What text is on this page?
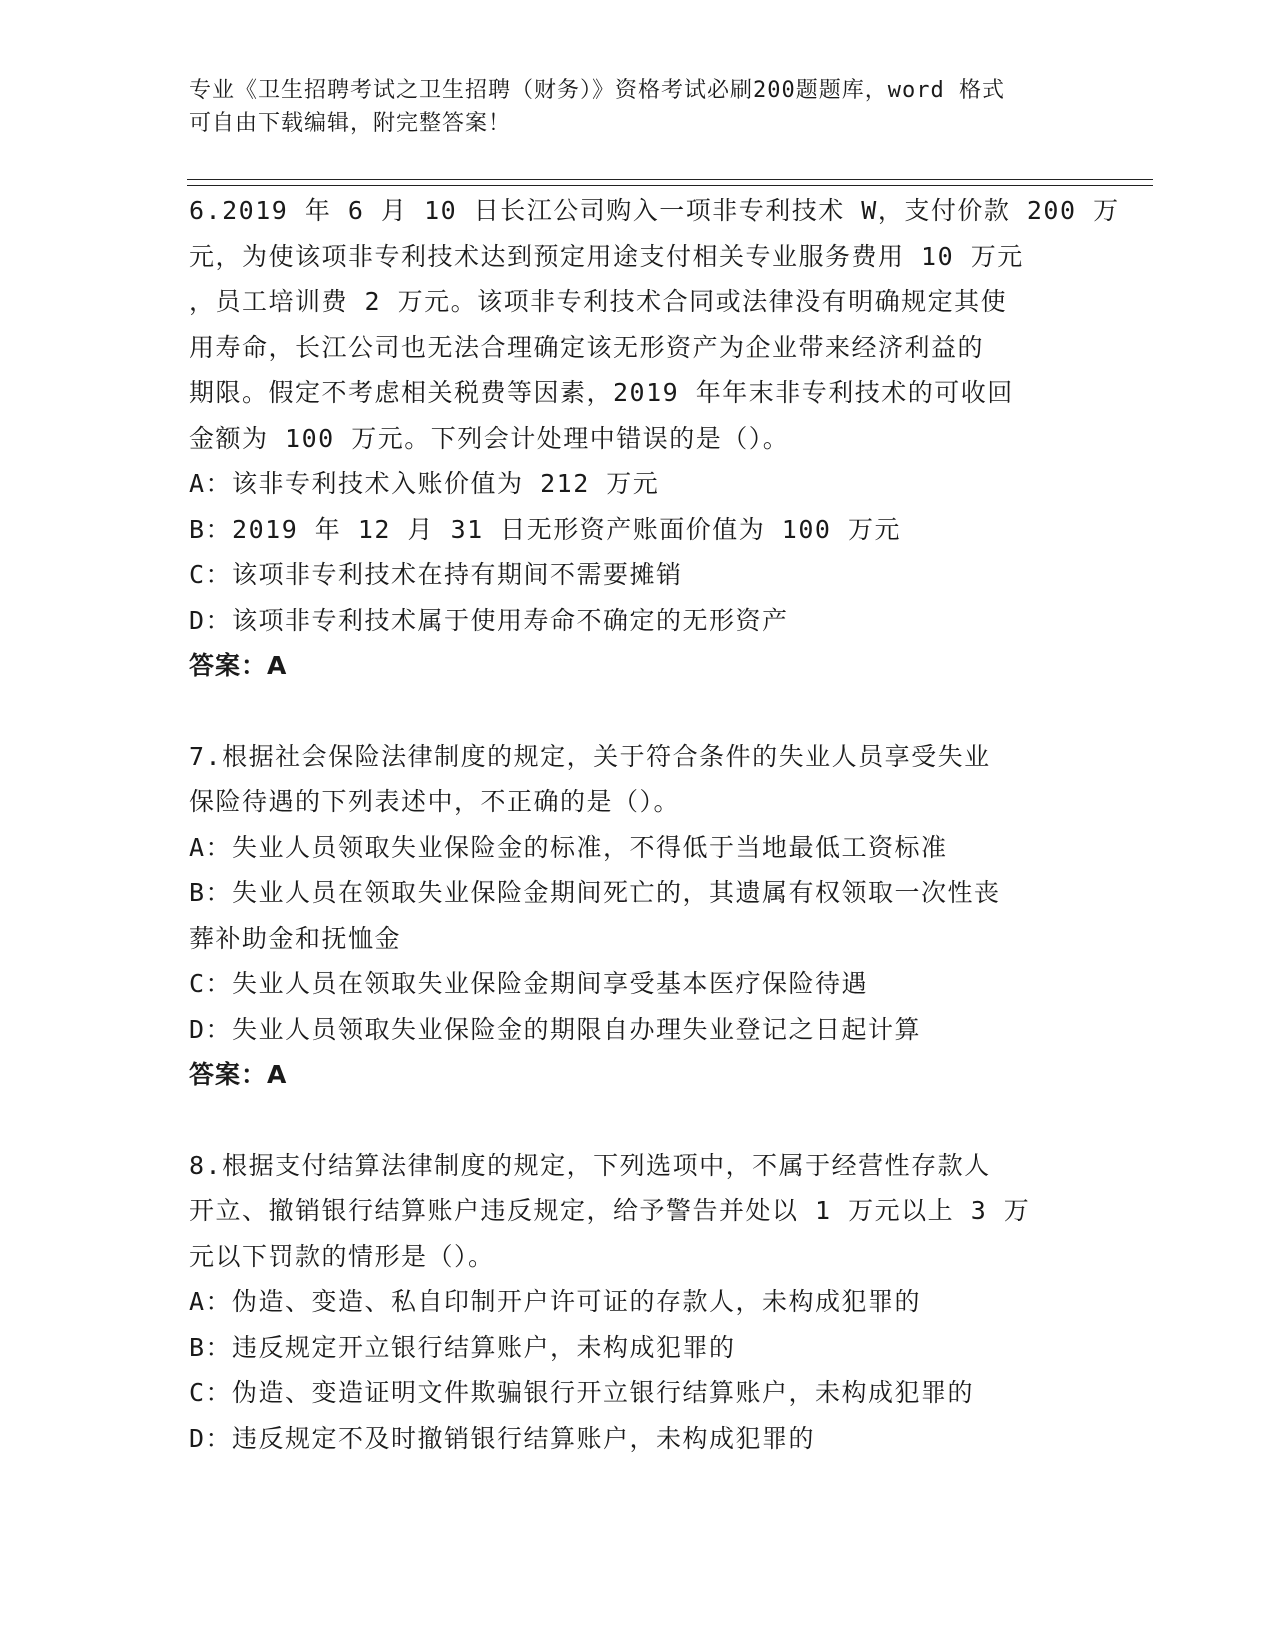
专业《卫生招聘考试之卫生招聘（财务）》资格考试必刷200题题库，word 格式
可自由下载编辑，附完整答案！
6.2019 年 6 月 10 日长江公司购入一项非专利技术 W，支付价款 200 万
元，为使该项非专利技术达到预定用途支付相关专业服务费用 10 万元
，员工培训费 2 万元。该项非专利技术合同或法律没有明确规定其使
用寿命，长江公司也无法合理确定该无形资产为企业带来经济利益的
期限。假定不考虑相关税费等因素，2019 年年末非专利技术的可收回
金额为 100 万元。下列会计处理中错误的是（）。
A：该非专利技术入账价值为 212 万元
B：2019 年 12 月 31 日无形资产账面价值为 100 万元
C：该项非专利技术在持有期间不需要摊销
D：该项非专利技术属于使用寿命不确定的无形资产
答案：A
7.根据社会保险法律制度的规定，关于符合条件的失业人员享受失业
保险待遇的下列表述中，不正确的是（）。
A：失业人员领取失业保险金的标准，不得低于当地最低工资标准
B：失业人员在领取失业保险金期间死亡的，其遗属有权领取一次性丧
葬补助金和抚恤金
C：失业人员在领取失业保险金期间享受基本医疗保险待遇
D：失业人员领取失业保险金的期限自办理失业登记之日起计算
答案：A
8.根据支付结算法律制度的规定，下列选项中，不属于经营性存款人
开立、撤销银行结算账户违反规定，给予警告并处以 1 万元以上 3 万
元以下罚款的情形是（）。
A：伪造、变造、私自印制开户许可证的存款人，未构成犯罪的
B：违反规定开立银行结算账户，未构成犯罪的
C：伪造、变造证明文件欺骗银行开立银行结算账户，未构成犯罪的
D：违反规定不及时撤销银行结算账户，未构成犯罪的
